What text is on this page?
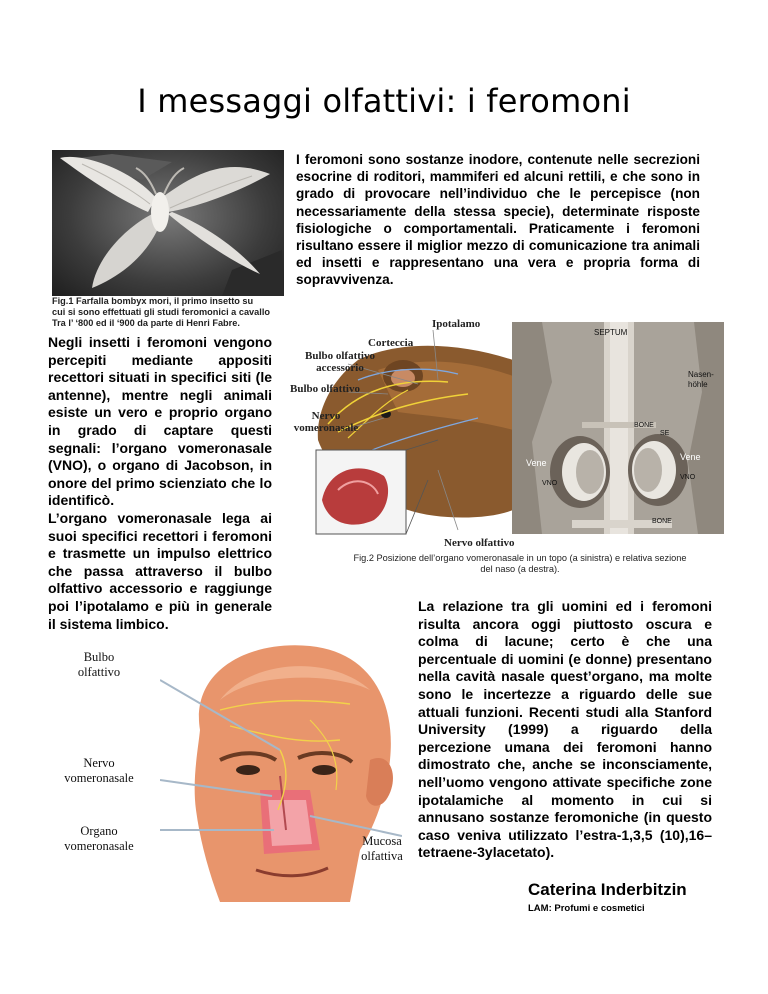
I messaggi olfattivi: i feromoni
Fig.1 Farfalla bombyx mori, il primo insetto su
cui si sono effettuati gli studi feromonici a cavallo
Tra l’ ‘800 ed il ‘900 da parte di Henri Fabre.
I feromoni sono sostanze inodore, contenute nelle secrezioni esocrine di roditori, mammiferi ed alcuni rettili, e che sono in grado di provocare nell’individuo che le percepisce (non necessariamente della stessa specie), determinate risposte fisiologiche o comportamentali. Praticamente i feromoni risultano essere il miglior mezzo di comunicazione tra animali ed insetti e rappresentano una vera e propria forma di sopravvivenza.
Negli insetti i feromoni vengono percepiti mediante appositi recettori situati in specifici siti (le antenne), mentre negli animali esiste un vero e proprio organo in grado di captare questi segnali: l’organo vomeronasale (VNO), o organo di Jacobson, in onore del primo scienziato che lo identificò.
L’organo vomeronasale lega ai suoi specifici recettori i feromoni e trasmette un impulso elettrico che passa attraverso il bulbo olfattivo accessorio e raggiunge poi l’ipotalamo e più in generale il sistema limbico.
Ipotalamo
Corteccia
Bulbo olfattivo
accessorio
Bulbo olfattivo
Nervo
vomeronasale
Nervo olfattivo
SEPTUM
Nasen-
höhle
BONE
SE
Vene
Vene
VNO
VNO
BONE
Fig.2 Posizione dell’organo vomeronasale in un topo (a sinistra) e relativa sezione
del naso (a destra).
La relazione tra gli uomini ed i feromoni risulta ancora oggi piuttosto oscura e colma di lacune; certo è che una percentuale di uomini (e donne) presentano nella cavità nasale quest’organo, ma molte sono le incertezze a riguardo delle sue attuali funzioni. Recenti studi alla Stanford University (1999) a riguardo della percezione umana dei feromoni hanno dimostrato che, anche se inconsciamente, nell’uomo vengono attivate specifiche zone ipotalamiche al momento in cui si annusano sostanze feromoniche (in questo caso veniva utilizzato l’estra-1,3,5 (10),16–tetraene-3ylacetato).
Bulbo
olfattivo
Nervo
vomeronasale
Organo
vomeronasale	Mucosa
olfattiva
Caterina Inderbitzin
LAM: Profumi e cosmetici
